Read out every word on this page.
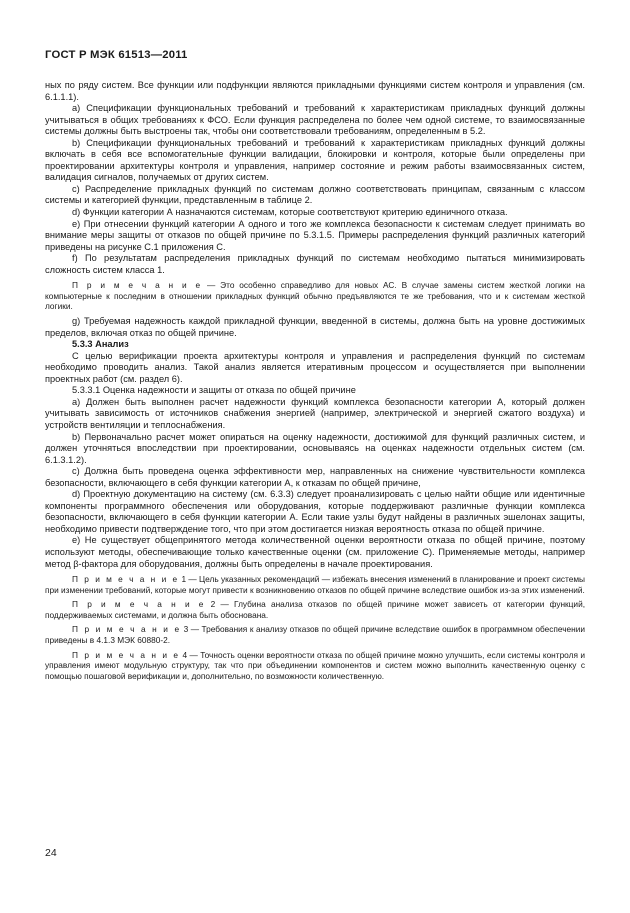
ГОСТ Р МЭК 61513—2011

ных по ряду систем. Все функции или подфункции являются прикладными функциями систем контроля и управления (см. 6.1.1.1).

a) Спецификации функциональных требований и требований к характеристикам прикладных функций должны учитываться в общих требованиях к ФСО. Если функция распределена по более чем одной системе, то взаимосвязанные системы должны быть выстроены так, чтобы они соответствовали требованиям, определенным в 5.2.

b) Спецификации функциональных требований и требований к характеристикам прикладных функций должны включать в себя все вспомогательные функции валидации, блокировки и контроля, которые были определены при проектировании архитектуры контроля и управления, например состояние и режим работы взаимосвязанных систем, валидация сигналов, получаемых от других систем.

c) Распределение прикладных функций по системам должно соответствовать принципам, связанным с классом системы и категорией функции, представленным в таблице 2.

d) Функции категории А назначаются системам, которые соответствуют критерию единичного отказа.

e) При отнесении функций категории А одного и того же комплекса безопасности к системам следует принимать во внимание меры защиты от отказов по общей причине по 5.3.1.5. Примеры распределения функций различных категорий приведены на рисунке С.1 приложения С.

f) По результатам распределения прикладных функций по системам необходимо пытаться минимизировать сложность систем класса 1.

П р и м е ч а н и е — Это особенно справедливо для новых АС. В случае замены систем жесткой логики на компьютерные к последним в отношении прикладных функций обычно предъявляются те же требования, что и к системам жесткой логики.

g) Требуемая надежность каждой прикладной функции, введенной в системы, должна быть на уровне достижимых пределов, включая отказ по общей причине.

5.3.3 Анализ

С целью верификации проекта архитектуры контроля и управления и распределения функций по системам необходимо проводить анализ. Такой анализ является итеративным процессом и осуществляется при выполнении проектных работ (см. раздел 6).

5.3.3.1 Оценка надежности и защиты от отказа по общей причине

a) Должен быть выполнен расчет надежности функций комплекса безопасности категории А, который должен учитывать зависимость от источников снабжения энергией (например, электрической и энергией сжатого воздуха) и устройств вентиляции и теплоснабжения.

b) Первоначально расчет может опираться на оценку надежности, достижимой для функций различных систем, и должен уточняться впоследствии при проектировании, основываясь на оценках надежности отдельных систем (см. 6.1.3.1.2).

c) Должна быть проведена оценка эффективности мер, направленных на снижение чувствительности комплекса безопасности, включающего в себя функции категории А, к отказам по общей причине,

d) Проектную документацию на систему (см. 6.3.3) следует проанализировать с целью найти общие или идентичные компоненты программного обеспечения или оборудования, которые поддерживают различные функции комплекса безопасности, включающего в себя функции категории А. Если такие узлы будут найдены в различных эшелонах защиты, необходимо привести подтверждение того, что при этом достигается низкая вероятность отказа по общей причине.

e) Не существует общепринятого метода количественной оценки вероятности отказа по общей причине, поэтому используют методы, обеспечивающие только качественные оценки (см. приложение С). Применяемые методы, например метод β-фактора для оборудования, должны быть определены в начале проектирования.

П р и м е ч а н и е 1 — Цель указанных рекомендаций — избежать внесения изменений в планирование и проект системы при изменении требований, которые могут привести к возникновению отказов по общей причине вследствие ошибок из-за этих изменений.

П р и м е ч а н и е 2 — Глубина анализа отказов по общей причине может зависеть от категории функций, поддерживаемых системами, и должна быть обоснована.

П р и м е ч а н и е 3 — Требования к анализу отказов по общей причине вследствие ошибок в программном обеспечении приведены в 4.1.3 МЭК 60880-2.

П р и м е ч а н и е 4 — Точность оценки вероятности отказа по общей причине можно улучшить, если системы контроля и управления имеют модульную структуру, так что при объединении компонентов и систем можно выполнить качественную оценку с помощью пошаговой верификации и, дополнительно, по возможности количественную.

24
